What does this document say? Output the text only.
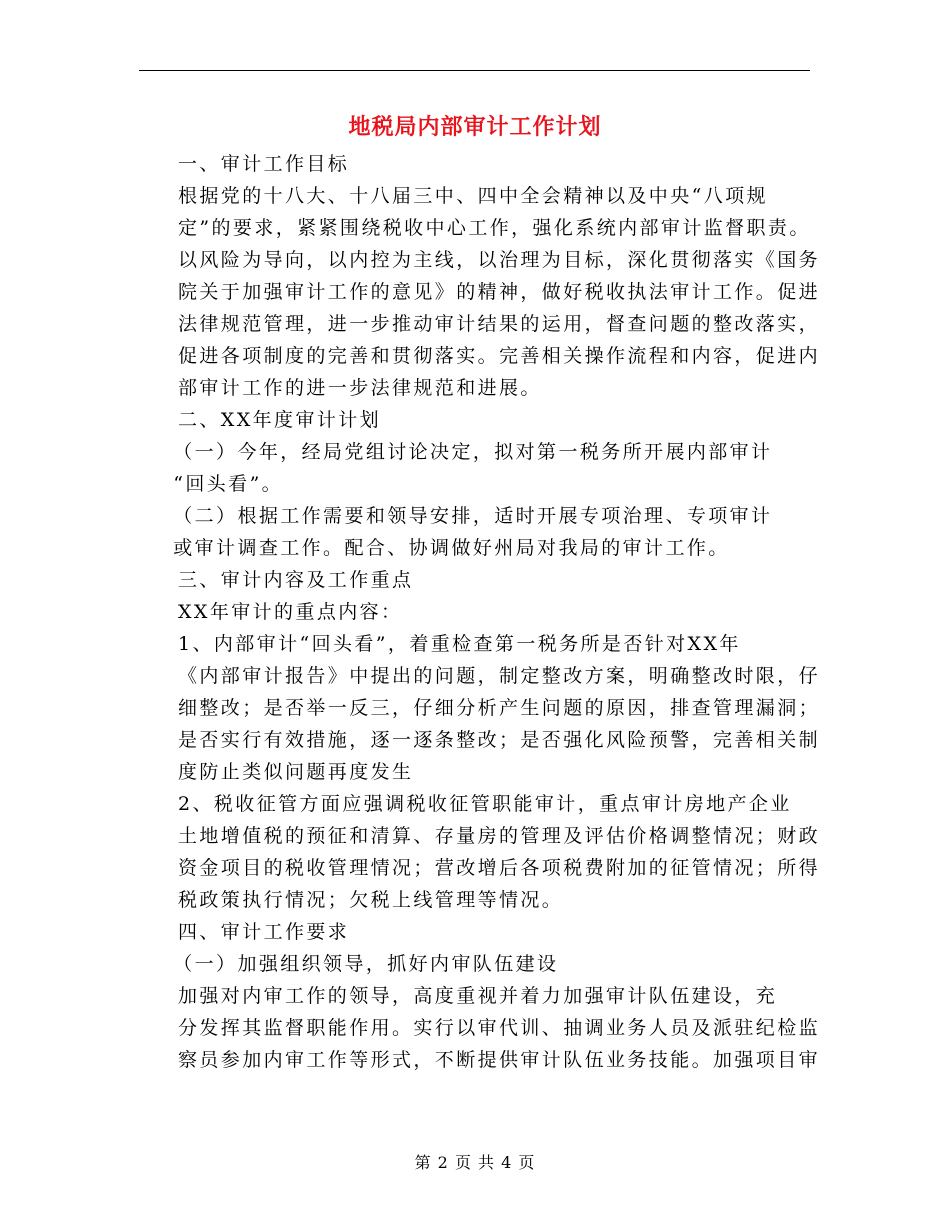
地税局内部审计工作计划

一、审计工作目标

根据党的十八大、十八届三中、四中全会精神以及中央“八项规
定”的要求，紧紧围绕税收中心工作，强化系统内部审计监督职责。
以风险为导向，以内控为主线，以治理为目标，深化贯彻落实《国务
院关于加强审计工作的意见》的精神，做好税收执法审计工作。促进
法律规范管理，进一步推动审计结果的运用，督查问题的整改落实，
促进各项制度的完善和贯彻落实。完善相关操作流程和内容，促进内
部审计工作的进一步法律规范和进展。

二、XX年度审计计划

（一）今年，经局党组讨论决定，拟对第一税务所开展内部审计
“回头看”。

（二）根据工作需要和领导安排，适时开展专项治理、专项审计
或审计调查工作。配合、协调做好州局对我局的审计工作。

三、审计内容及工作重点

XX年审计的重点内容：

1、内部审计“回头看”，着重检查第一税务所是否针对XX年
《内部审计报告》中提出的问题，制定整改方案，明确整改时限，仔
细整改；是否举一反三，仔细分析产生问题的原因，排查管理漏洞；
是否实行有效措施，逐一逐条整改；是否强化风险预警，完善相关制
度防止类似问题再度发生

2、税收征管方面应强调税收征管职能审计，重点审计房地产企业
土地增值税的预征和清算、存量房的管理及评估价格调整情况；财政
资金项目的税收管理情况；营改增后各项税费附加的征管情况；所得
税政策执行情况；欠税上线管理等情况。

四、审计工作要求

（一）加强组织领导，抓好内审队伍建设

加强对内审工作的领导，高度重视并着力加强审计队伍建设，充
分发挥其监督职能作用。实行以审代训、抽调业务人员及派驻纪检监
察员参加内审工作等形式，不断提供审计队伍业务技能。加强项目审

第 2 页 共 4 页
